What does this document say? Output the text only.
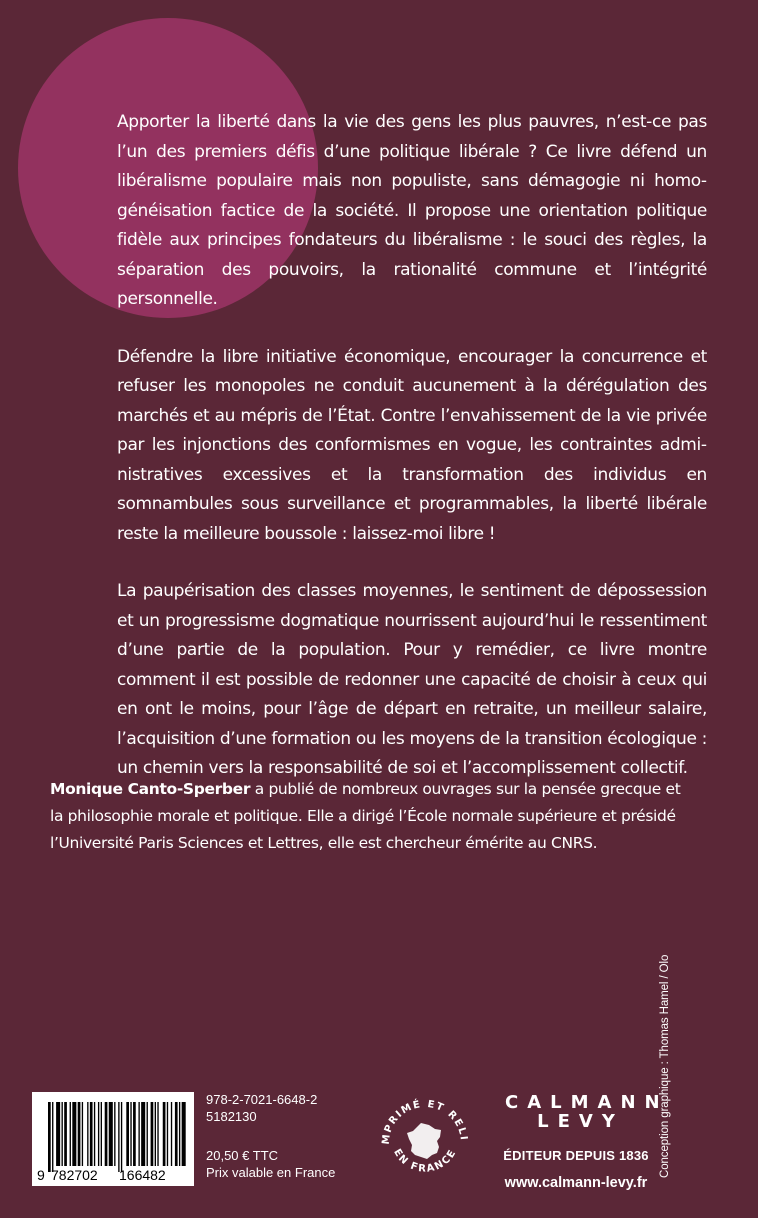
Apporter la liberté dans la vie des gens les plus pauvres, n’est-ce pas l’un des premiers défis d’une politique libérale ? Ce livre défend un libéralisme populaire mais non populiste, sans démagogie ni homogénéisation factice de la société. Il propose une orientation politique fidèle aux principes fondateurs du libéralisme : le souci des règles, la séparation des pouvoirs, la rationalité commune et l’intégrité personnelle.

Défendre la libre initiative économique, encourager la concurrence et refuser les monopoles ne conduit aucunement à la dérégulation des marchés et au mépris de l’État. Contre l’envahissement de la vie privée par les injonctions des conformismes en vogue, les contraintes administratives excessives et la transformation des individus en somnambules sous surveillance et programmables, la liberté libérale reste la meilleure boussole : laissez-moi libre !

La paupérisation des classes moyennes, le sentiment de dépossession et un progressisme dogmatique nourrissent aujourd’hui le ressentiment d’une partie de la population. Pour y remédier, ce livre montre comment il est possible de redonner une capacité de choisir à ceux qui en ont le moins, pour l’âge de départ en retraite, un meilleur salaire, l’acquisition d’une formation ou les moyens de la transition écologique : un chemin vers la responsabilité de soi et l’accomplissement collectif.

Monique Canto-Sperber a publié de nombreux ouvrages sur la pensée grecque et la philosophie morale et politique. Elle a dirigé l’École normale supérieure et présidé l’Université Paris Sciences et Lettres, elle est chercheur émérite au CNRS.

Conception graphique : Thomas Hamel / Olo
9 782702 166482
978-2-7021-6648-2
5182130
20,50 € TTC
Prix valable en France
MPRIMÉ ET RELI
EN FRANCE
CALMANN
LEVY
ÉDITEUR DEPUIS 1836
www.calmann-levy.fr
